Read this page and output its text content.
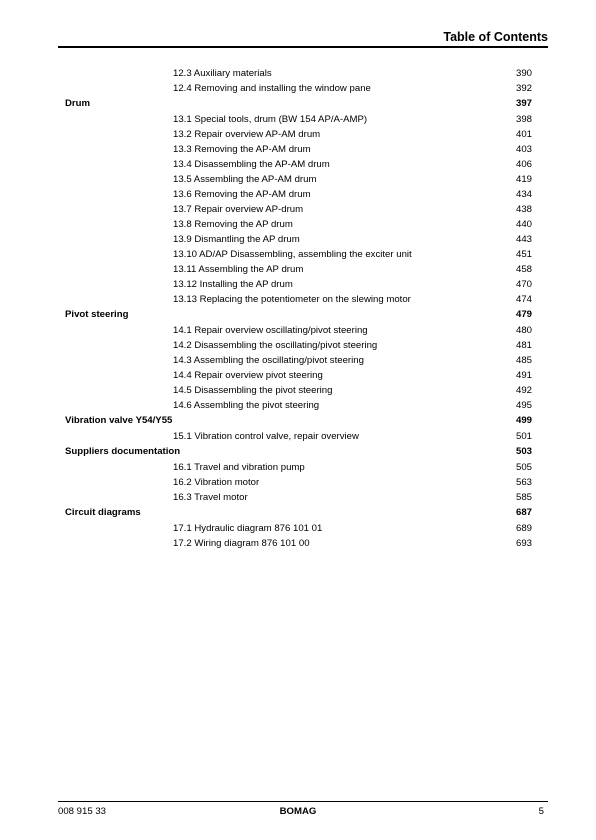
Table of Contents
12.3 Auxiliary materials	390
12.4 Removing and installing the window pane	392
Drum	397
13.1 Special tools, drum (BW 154 AP/A-AMP)	398
13.2 Repair overview AP-AM drum	401
13.3 Removing the AP-AM drum	403
13.4 Disassembling the AP-AM drum	406
13.5 Assembling the AP-AM drum	419
13.6 Removing the AP-AM drum	434
13.7 Repair overview AP-drum	438
13.8 Removing the AP drum	440
13.9 Dismantling the AP drum	443
13.10 AD/AP Disassembling, assembling the exciter unit	451
13.11 Assembling the AP drum	458
13.12 Installing the AP drum	470
13.13 Replacing the potentiometer on the slewing motor	474
Pivot steering	479
14.1 Repair overview oscillating/pivot steering	480
14.2 Disassembling the oscillating/pivot steering	481
14.3 Assembling the oscillating/pivot steering	485
14.4 Repair overview pivot steering	491
14.5 Disassembling the pivot steering	492
14.6 Assembling the pivot steering	495
Vibration valve Y54/Y55	499
15.1 Vibration control valve, repair overview	501
Suppliers documentation	503
16.1 Travel and vibration pump	505
16.2 Vibration motor	563
16.3 Travel motor	585
Circuit diagrams	687
17.1 Hydraulic diagram 876 101 01	689
17.2 Wiring diagram 876 101 00	693
008 915 33	BOMAG	5
